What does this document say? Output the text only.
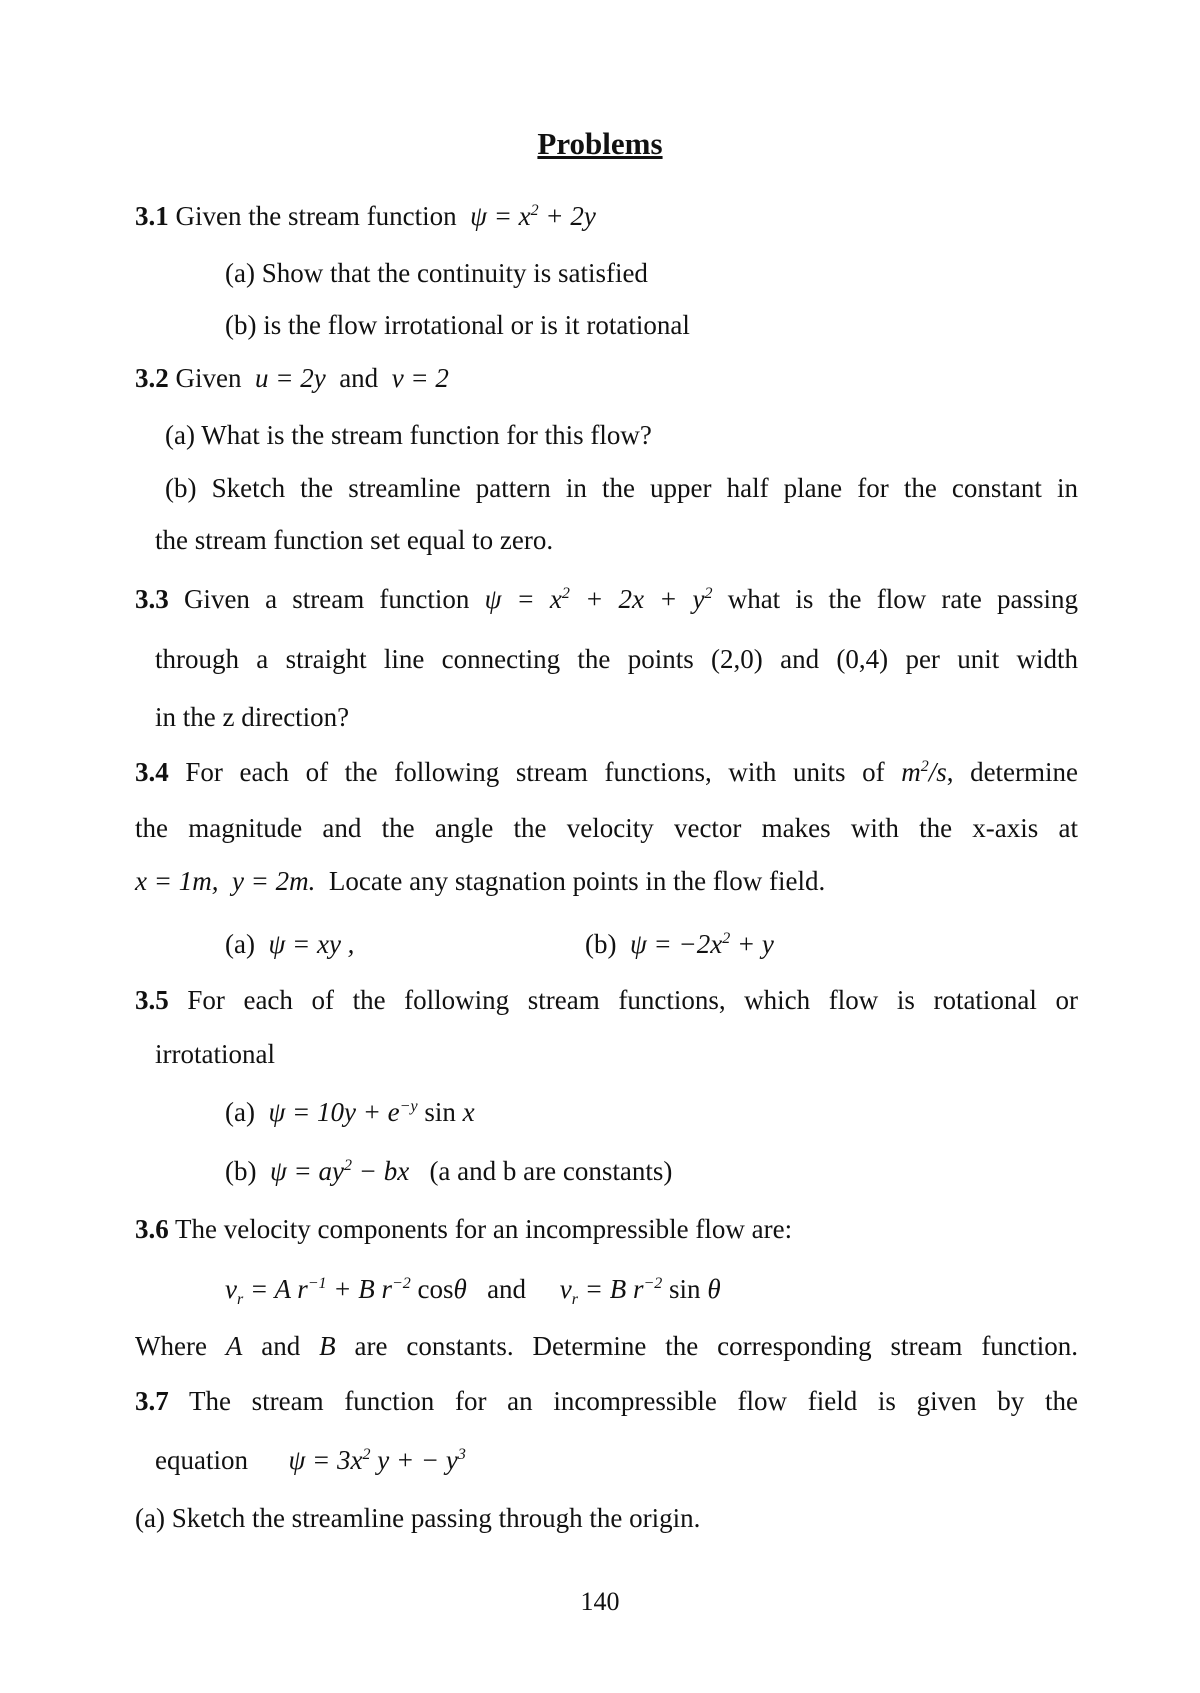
Problems
3.1 Given the stream function  $\psi = x^2 + 2y$
(a) Show that the continuity is satisfied
(b) is the flow irrotational or is it rotational
3.2 Given  u = 2y  and  v = 2
(a) What is the stream function for this flow?
(b) Sketch the streamline pattern in the upper half plane for the constant in
the stream function set equal to zero.
3.3 Given a stream function $\psi = x^2 + 2x + y^2$ what is the flow rate passing
through a straight line connecting the points (2,0) and (0,4) per unit width
in the z direction?
3.4 For each of the following stream functions, with units of $m^2/s$, determine
the magnitude and the angle the velocity vector makes with the x-axis at
x = 1m,  y = 2m.  Locate any stagnation points in the flow field.
(a)  ψ = xy ,	(b)  $\psi = -2x^2 + y$
3.5 For each of the following stream functions, which flow is rotational or
irrotational
(a)  $\psi = 10y + e^{-y}$ sin x
(b)  $\psi = ay^2$ − bx   (a and b are constants)
3.6 The velocity components for an incompressible flow are:
$v_r = A$ $r^{-1} + B$ $r^{-2}$ cosθ   and     $v_r = B$ $r^{-2}$ sin θ
Where A and B are constants. Determine the corresponding stream function.
3.7 The stream function for an incompressible flow field is given by the
equation      $\psi = 3x^2$ y + − $y^3$
(a) Sketch the streamline passing through the origin.
140
